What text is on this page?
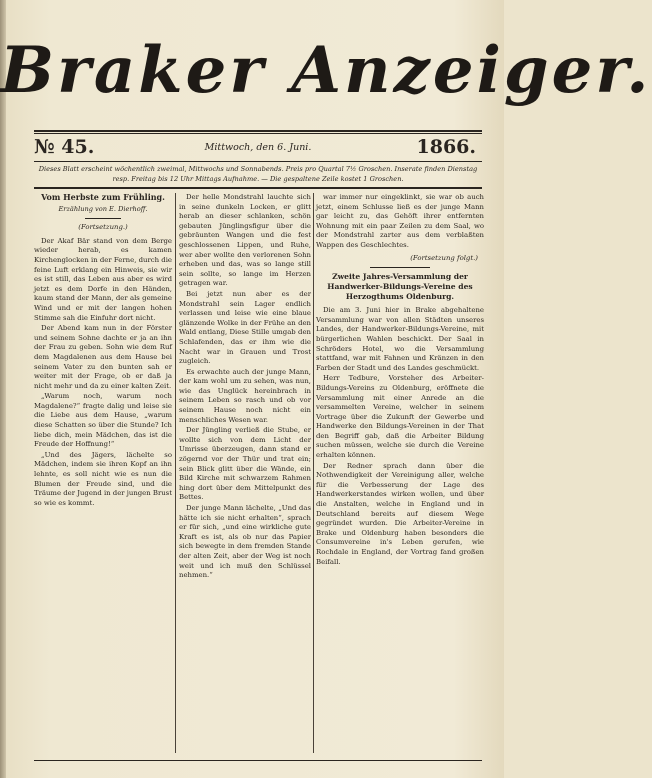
Braker Anzeiger.
№ 45.	Mittwoch, den 6. Juni.	1866.
Dieses Blatt erscheint wöchentlich zweimal, Mittwochs und Sonnabends. Preis pro Quartal 7½ Groschen. Inserate finden Dienstag resp. Freitag bis 12 Uhr Mittags Aufnahme. — Die gespaltene Zeile kostet 1 Groschen.
Vom Herbste zum Frühling.
Erzählung von E. Dierhoff.
(Fortsetzung.)

Der Akaf Bär stand von dem Berge wieder herab, es kamen Kirchenglocken in der Ferne, durch die feine Luft erklang ein Hinweis, sie wir es ist still, das Leben aus aber es wird jetzt es dem Dorfe in den Händen, kaum stand der Mann, der als gemeine Wind und er mit der langen hohen Stimme sah die Einfuhr dort nicht.

Der Abend kam nun in der Förster und seinem Sohne dachte er ja an ihn der Frau zu geben. Sohn wie dem Ruf dem Magdalenen aus dem Hause bei seinem Vater zu den bunten sah er weiter mit der Frage, ob er daß ja nicht mehr und da zu einer kalten Zeit.

„Warum noch, warum noch Magdalene?“ fragte dalig und leise sie die Liebe aus dem Hause, „warum diese Schatten so über die Stunde? Ich liebe dich, mein Mädchen, das ist die Freude der Hoffnung!“

„Und des Jägers, lächelte so Mädchen, indem sie ihren Kopf an ihn lehnte, es soll nicht wie es nun die Blumen der Freude sind, und die Träume der Jugend in der jungen Brust so wie es kommt.

Der helle Mondstrahl lauchte sich in seine dunkeln Locken, er glitt herab an dieser schlanken, schön gebauten Jünglingsfigur über die gebräunten Wangen und die fest geschlossenen Lippen, und Ruhe, wer aber wollte den verlorenen Sohn erheben und das, was so lange still sein sollte, so lange im Herzen getragen war.

Bei jetzt nun aber es der Mondstrahl sein Lager endlich verlassen und leise wie eine blaue glänzende Wolke in der Frühe an den Wald entlang, Diese Stille umgab den Schlafenden, das er ihm wie die Nacht war in Grauen und Trost zugleich.

Es erwachte auch der junge Mann, der kam wohl um zu sehen, was nun, wie das Unglück hereinbrach in seinem Leben so rasch und ob vor seinem Hause noch nicht ein menschliches Wesen war.

Der Jüngling verließ die Stube, er wollte sich von dem Licht der Umrisse überzeugen, dann stand er zögernd vor der Thür und trat ein; sein Blick glitt über die Wände, ein Bild Kirche mit schwarzem Rahmen hing dort über dem Mittelpunkt des Bettes.

Der junge Mann lächelte, „Und das hätte ich sie nicht erhalten“, sprach er für sich, „und eine wirkliche gute Kraft es ist, als ob nur das Papier sich bewegte in dem fremden Stande der alten Zeit, aber der Weg ist noch weit und ich muß den Schlüssel nehmen.“

war immer nur eingeklinkt, sie war ob auch jetzt, einem Schlusse ließ es der junge Mann gar leicht zu, das Gehöft ihrer entfernten Wohnung mit ein paar Zeilen zu dem Saal, wo der Mondstrahl zarter aus dem verblaßten Wappen des Geschlechtes.

(Fortsetzung folgt.)
Zweite Jahres-Versammlung der Handwerker-Bildungs-Vereine des Herzogthums Oldenburg.

Die am 3. Juni hier in Brake abgehaltene Versammlung war von allen Städten unseres Landes, der Handwerker-Bildungs-Vereine, mit bürgerlichen Wahlen beschickt. Der Saal in Schröders Hotel, wo die Versammlung stattfand, war mit Fahnen und Kränzen in den Farben der Stadt und des Landes geschmückt.

Herr Tedbure, Vorsteher des Arbeiter-Bildungs-Vereins zu Oldenburg, eröffnete die Versammlung mit einer Anrede an die versammelten Vereine, welcher in seinem Vortrage über die Zukunft der Gewerbe und Handwerke den Bildungs-Vereinen in der That den Begriff gab, daß die Arbeiter Bildung suchen müssen, welche sie durch die Vereine erhalten können.

Der Redner sprach dann über die Nothwendigkeit der Vereinigung aller, welche für die Verbesserung der Lage des Handwerkerstandes wirken wollen, und über die Anstalten, welche in England und in Deutschland bereits auf diesem Wege gegründet wurden. Die Arbeiter-Vereine in Brake und Oldenburg haben besonders die Consumvereine in's Leben gerufen, wie Rochdale in England, der Vortrag fand großen Beifall.
